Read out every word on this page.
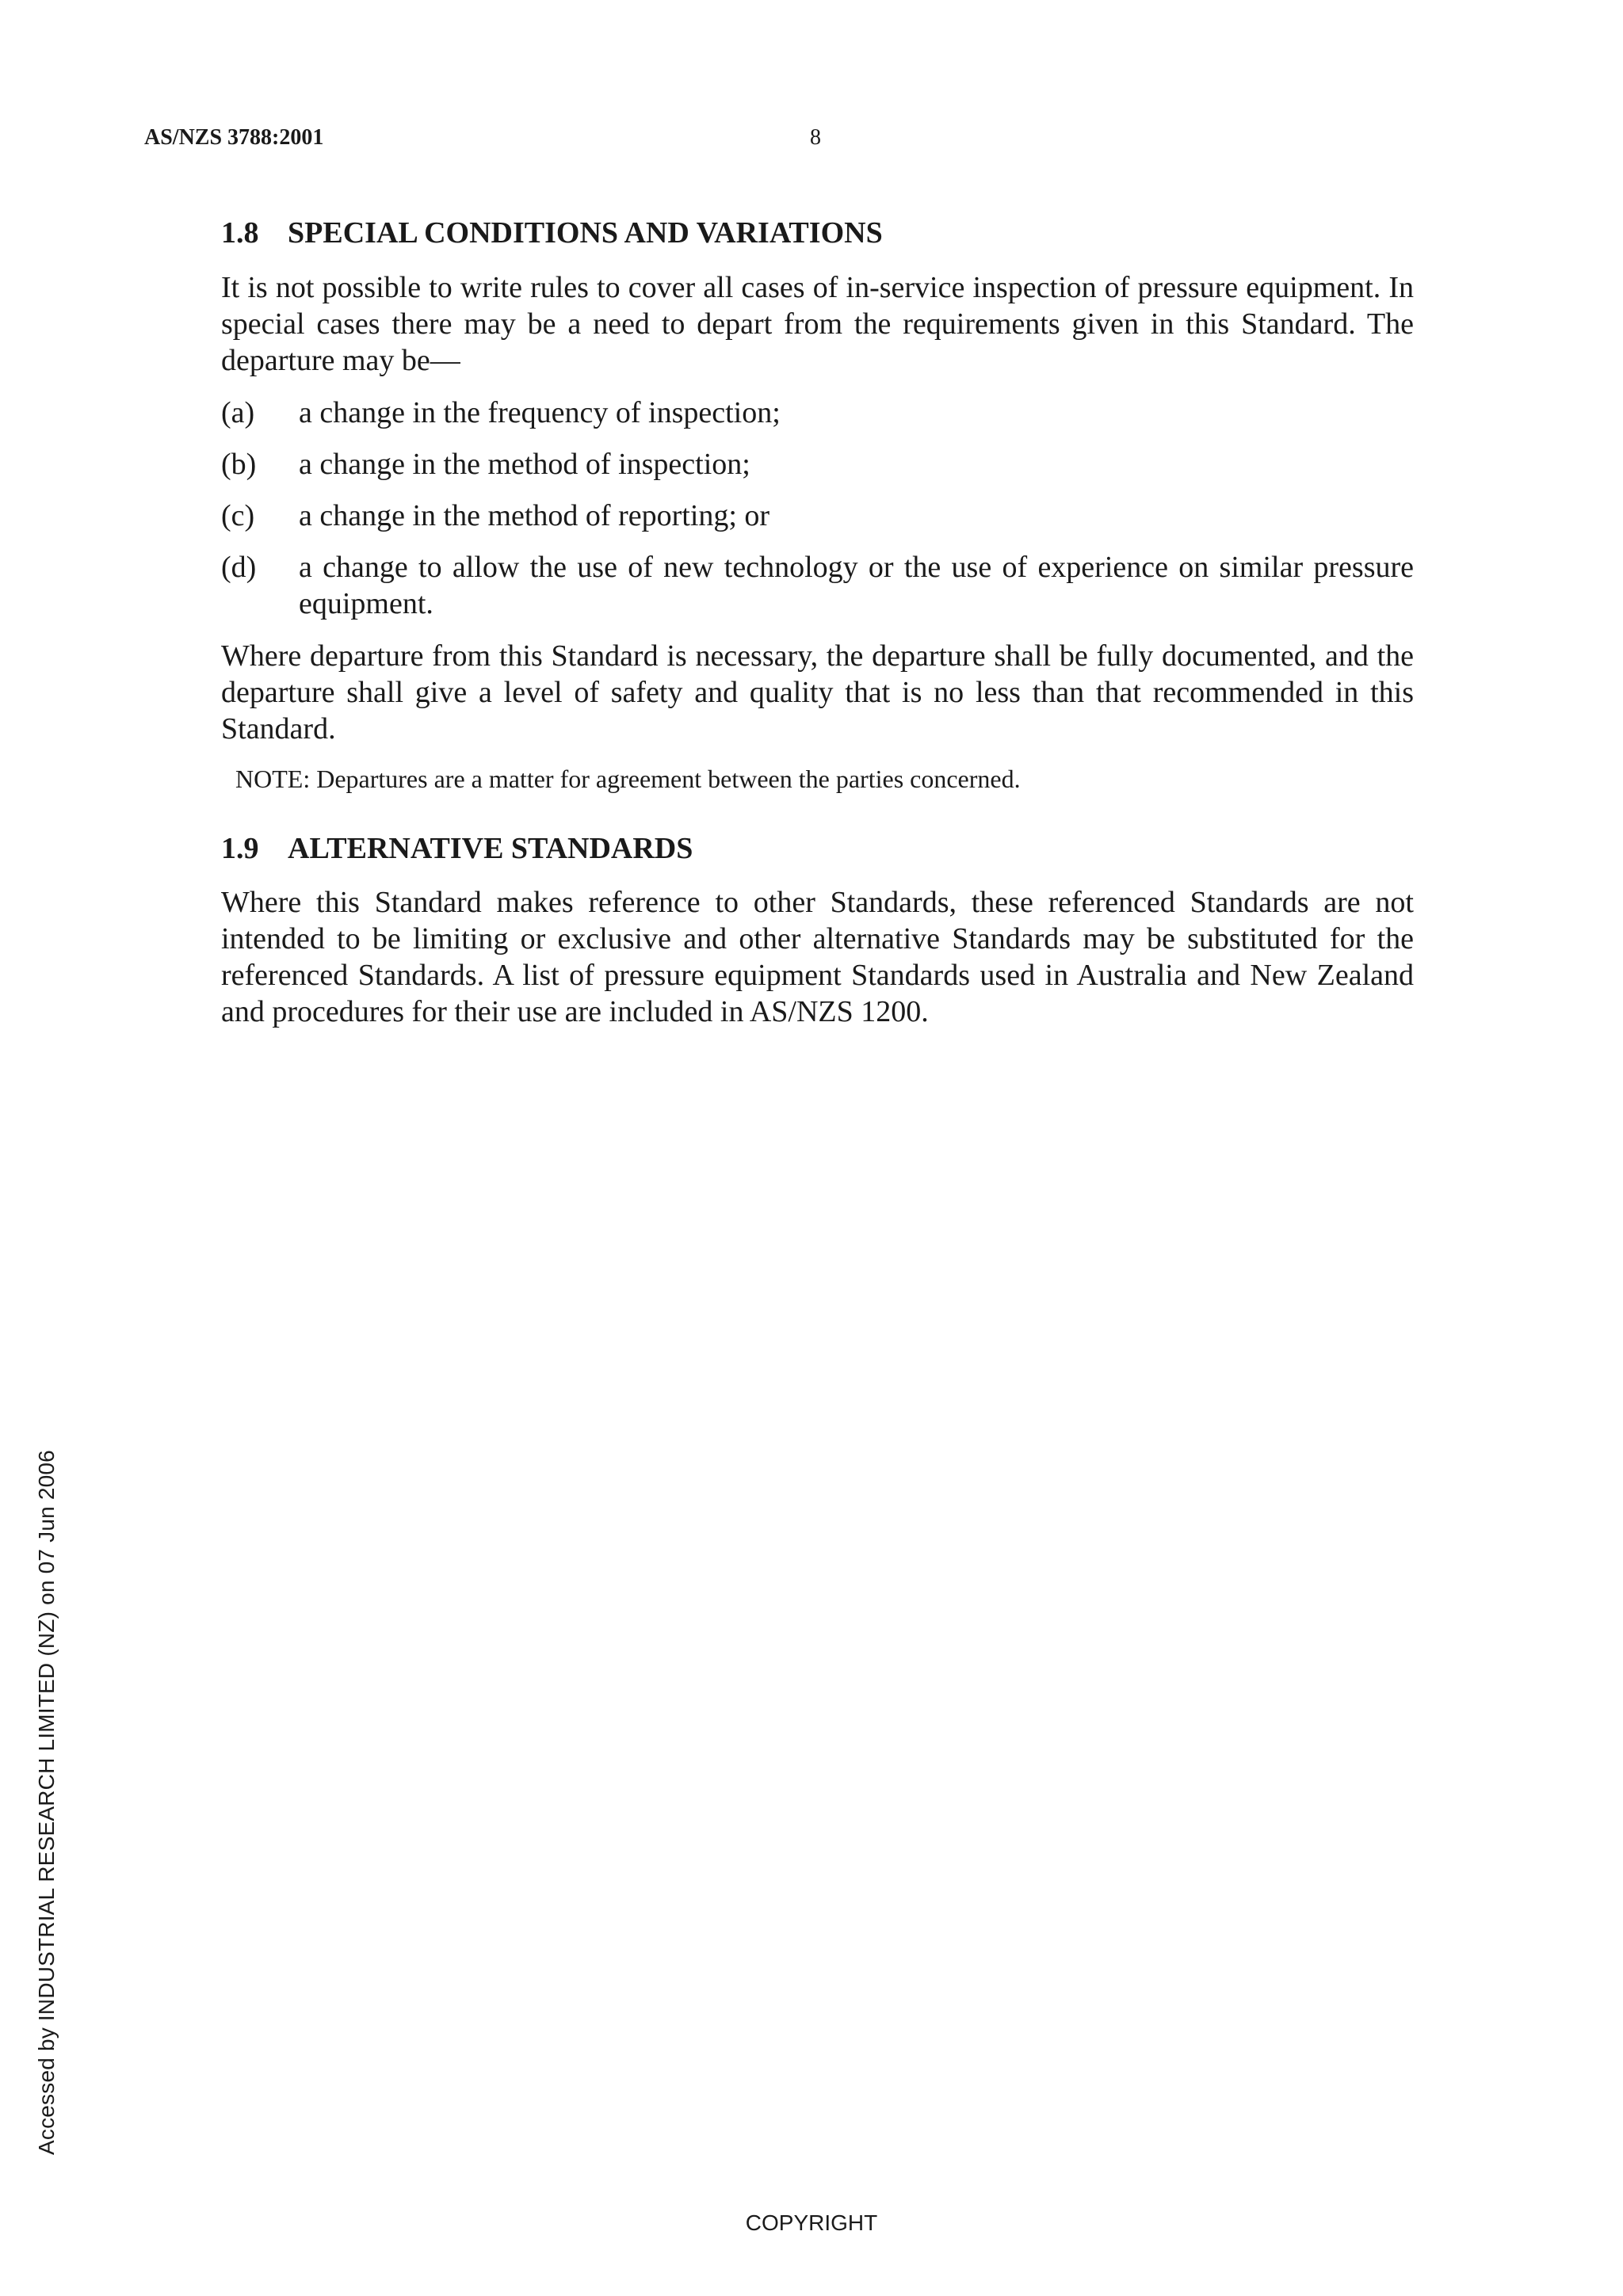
AS/NZS 3788:2001	8
1.8 SPECIAL CONDITIONS AND VARIATIONS

It is not possible to write rules to cover all cases of in-service inspection of pressure equipment. In special cases there may be a need to depart from the requirements given in this Standard. The departure may be—

(a)	a change in the frequency of inspection;
(b)	a change in the method of inspection;
(c)	a change in the method of reporting; or
(d)	a change to allow the use of new technology or the use of experience on similar pressure equipment.

Where departure from this Standard is necessary, the departure shall be fully documented, and the departure shall give a level of safety and quality that is no less than that recommended in this Standard.

NOTE: Departures are a matter for agreement between the parties concerned.

1.9 ALTERNATIVE STANDARDS

Where this Standard makes reference to other Standards, these referenced Standards are not intended to be limiting or exclusive and other alternative Standards may be substituted for the referenced Standards. A list of pressure equipment Standards used in Australia and New Zealand and procedures for their use are included in AS/NZS 1200.

Accessed by INDUSTRIAL RESEARCH LIMITED (NZ) on 07 Jun 2006
COPYRIGHT
